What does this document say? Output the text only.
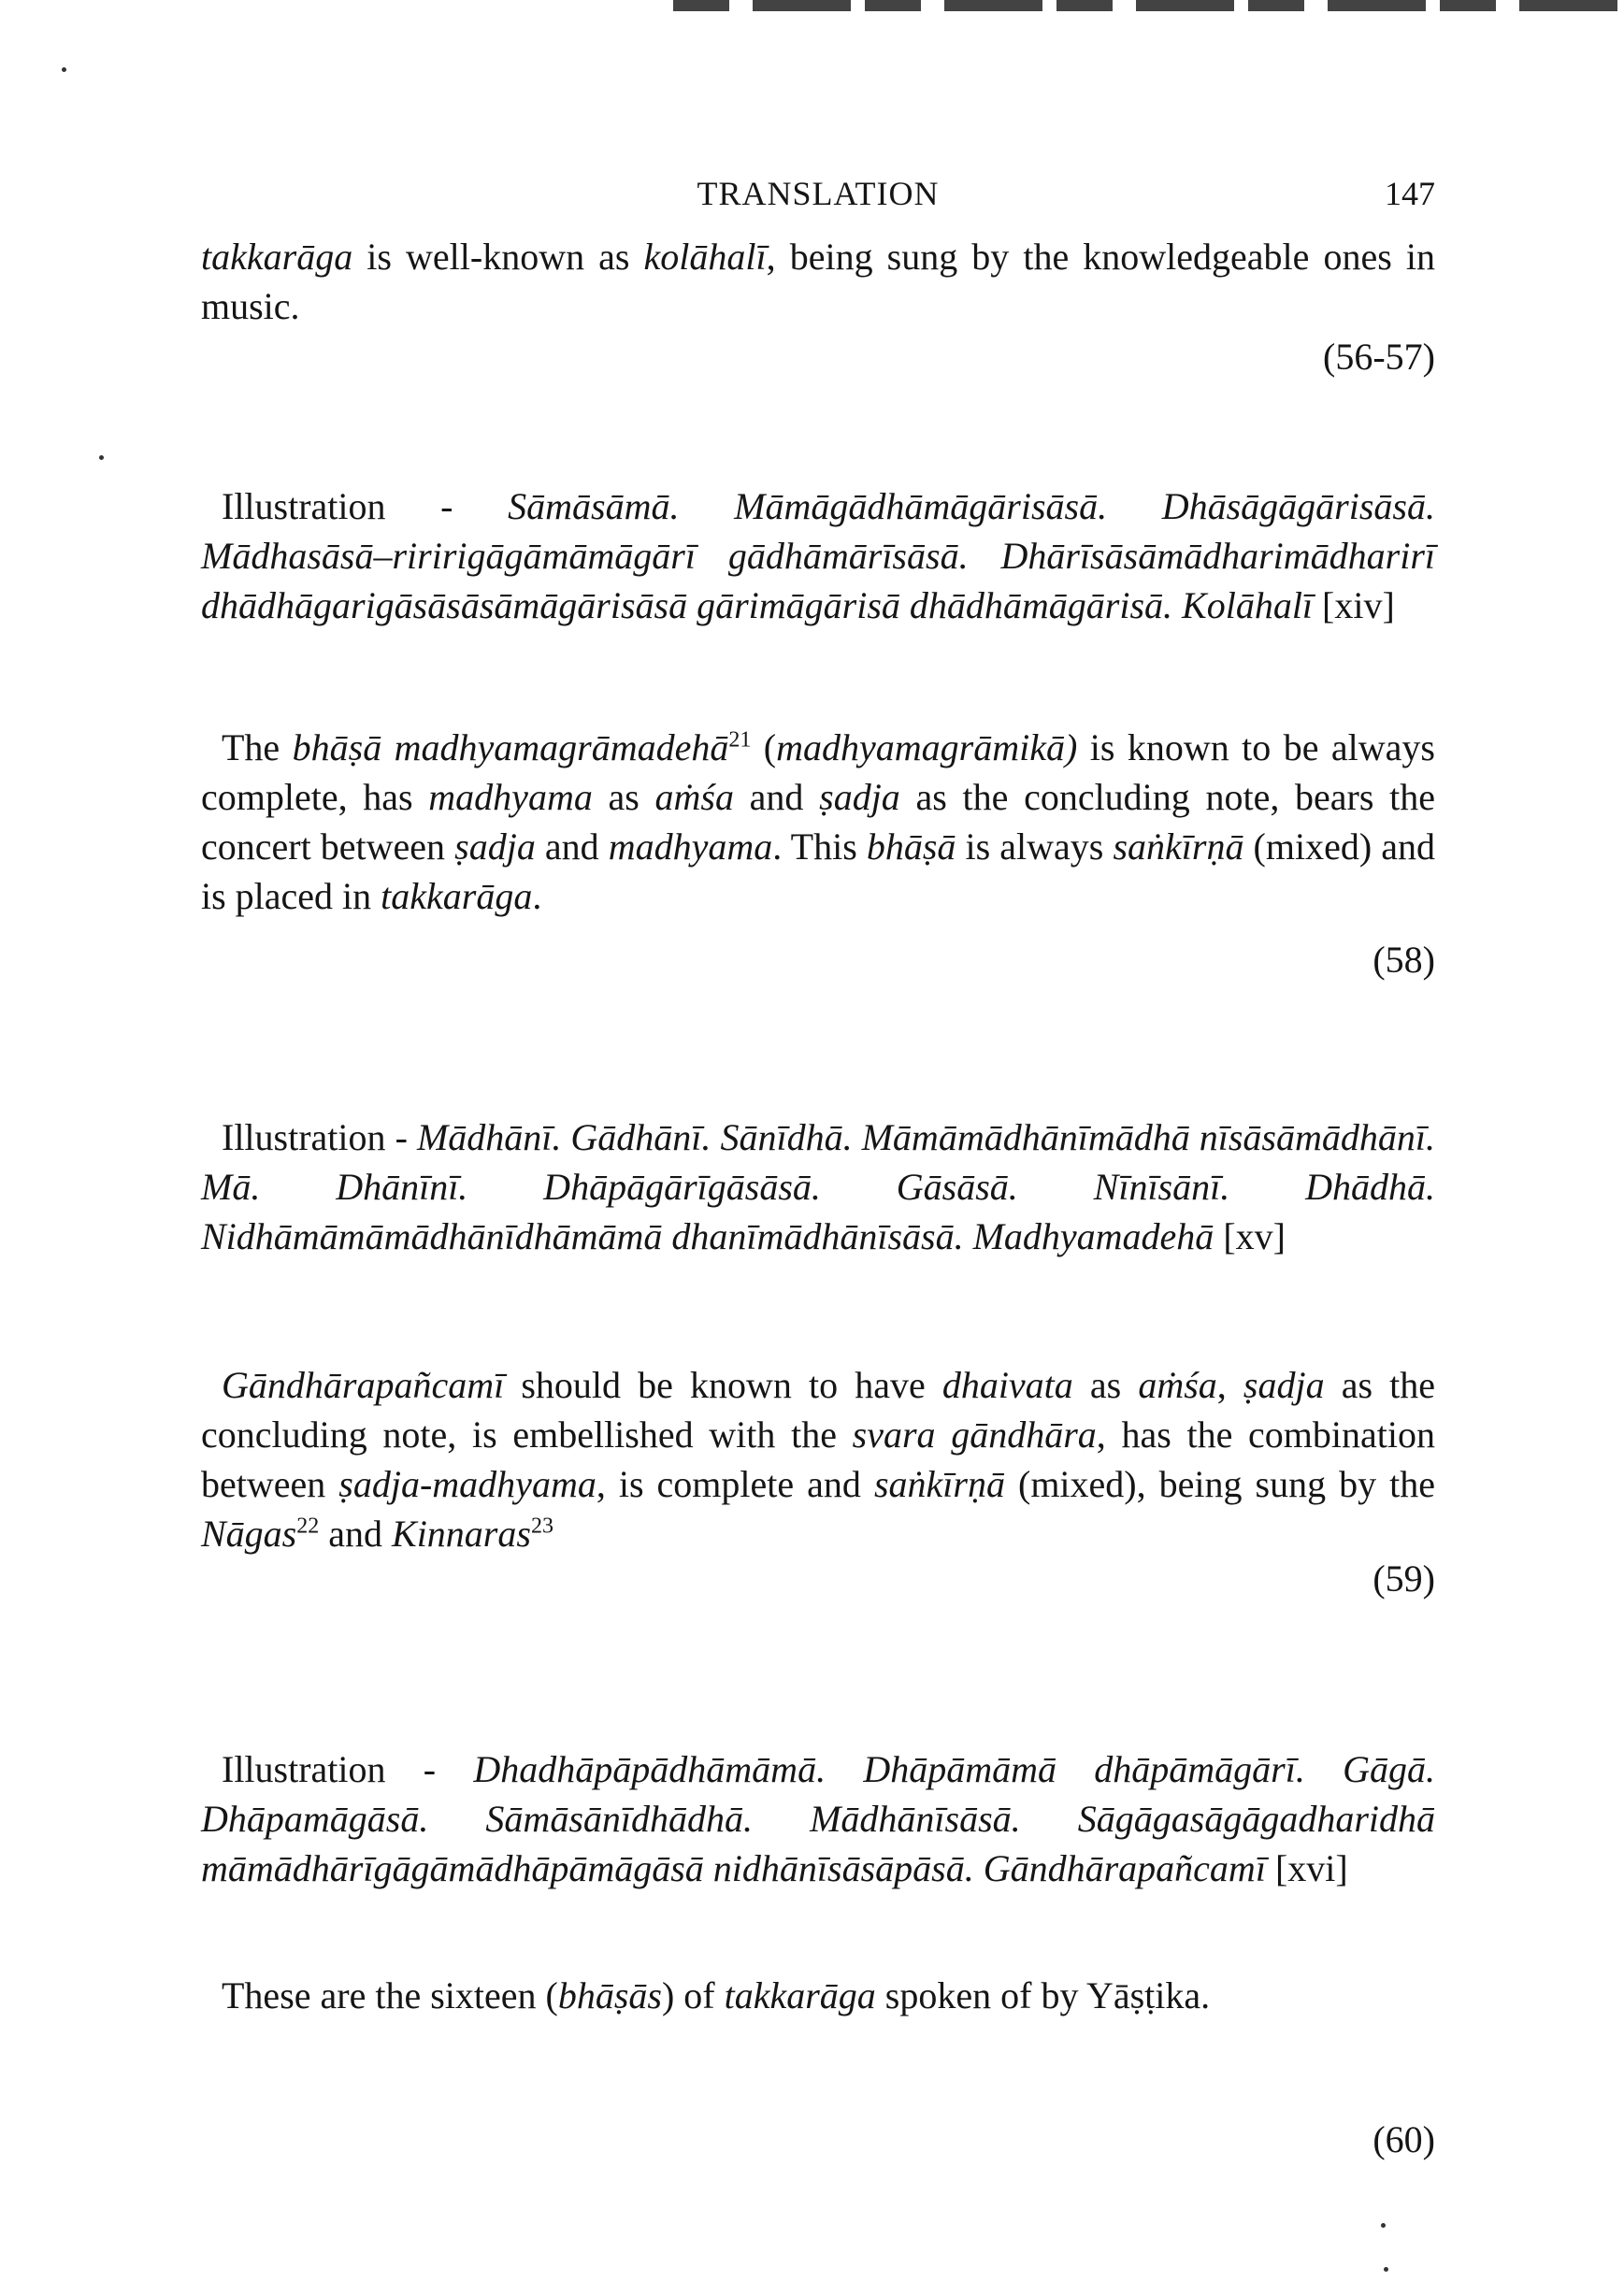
TRANSLATION	147

takkarāga is well-known as kolāhalī, being sung by the knowledgeable ones in music.

(56-57)

Illustration - Sāmāsāmā. Māmāgādhāmāgārisāsā. Dhāsāgāgārisāsā. Mādhasāsā–riririgāgāmāmāgārī gādhāmārīsāsā. Dhārīsāsāmādharimādharirī dhādhāgarigāsāsāsāmāgārisāsā gārimāgārisā dhādhāmāgārisā. Kolāhalī [xiv]

The bhāṣā madhyamagrāmadehā$^{21}$ (madhyamagrāmikā) is known to be always complete, has madhyama as aṁśa and ṣadja as the concluding note, bears the concert between ṣadja and madhyama. This bhāṣā is always saṅkīrṇā (mixed) and is placed in takkarāga.

(58)

Illustration - Mādhānī. Gādhānī. Sānīdhā. Māmāmādhānīmādhā nīsāsāmādhānī. Mā. Dhānīnī. Dhāpāgārīgāsāsā. Gāsāsā. Nīnīsānī. Dhādhā. Nidhāmāmāmādhānīdhāmāmā dhanīmādhānīsāsā. Madhyamadehā [xv]

Gāndhārapañcamī should be known to have dhaivata as aṁśa, ṣadja as the concluding note, is embellished with the svara gāndhāra, has the combination between ṣadja-madhyama, is complete and saṅkīrṇā (mixed), being sung by the Nāgas$^{22}$ and Kinnaras$^{23}$

(59)

Illustration - Dhadhāpāpādhāmāmā. Dhāpāmāmā dhāpāmāgārī. Gāgā. Dhāpamāgāsā. Sāmāsānīdhādhā. Mādhānīsāsā. Sāgāgasāgāgadharidhā māmādhārīgāgāmādhāpāmāgāsā nidhānīsāsāpāsā. Gāndhārapañcamī [xvi]

These are the sixteen (bhāṣās) of takkarāga spoken of by Yāṣṭika.

(60)
